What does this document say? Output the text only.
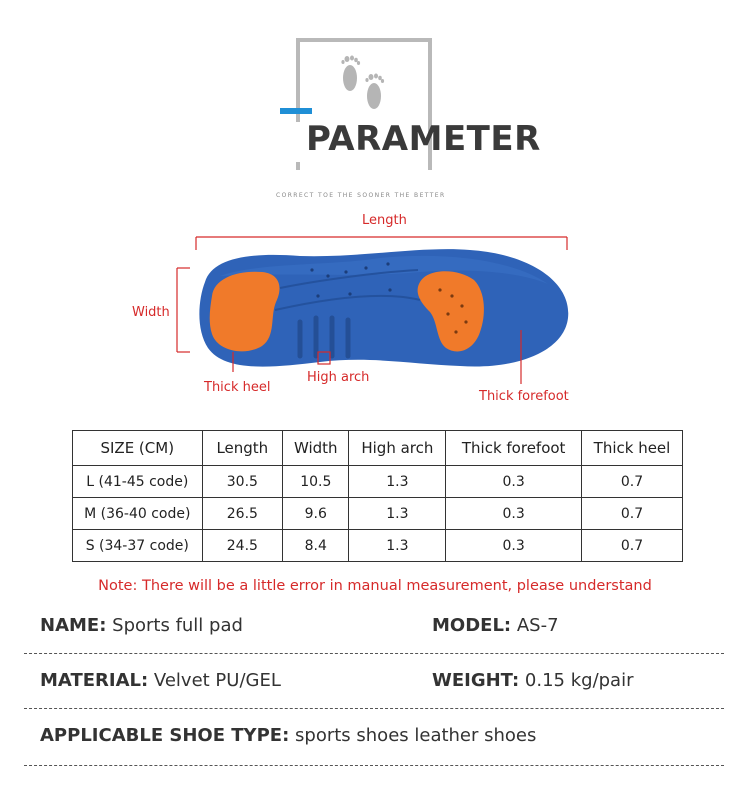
PARAMETER
CORRECT TOE THE SOONER THE BETTER
Length
Width
Thick heel
High arch
Thick forefoot
SIZE (CM)	Length	Width	High arch	Thick forefoot	Thick heel
L (41-45 code)	30.5	10.5	1.3	0.3	0.7
M (36-40 code)	26.5	9.6	1.3	0.3	0.7
S (34-37 code)	24.5	8.4	1.3	0.3	0.7
Note: There will be a little error in manual measurement, please understand
NAME: Sports full pad	MODEL: AS-7
MATERIAL: Velvet PU/GEL	WEIGHT: 0.15 kg/pair
APPLICABLE SHOE TYPE: sports shoes leather shoes
